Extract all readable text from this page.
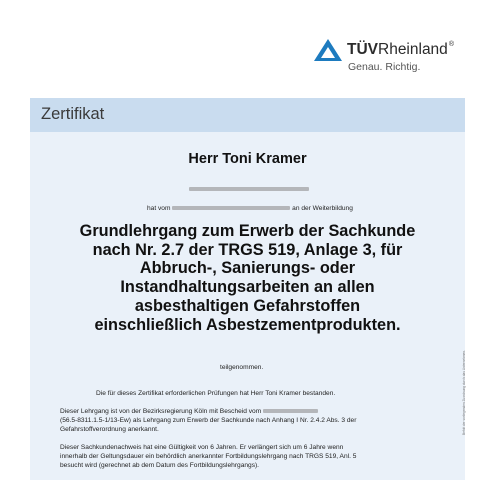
TÜVRheinland®
Genau. Richtig.
Zertifikat
Herr Toni Kramer
hat vom	an der Weiterbildung
Grundlehrgang zum Erwerb der Sachkunde
nach Nr. 2.7 der TRGS 519, Anlage 3, für
Abbruch-, Sanierungs- oder
Instandhaltungsarbeiten an allen
asbesthaltigen Gefahrstoffen
einschließlich Asbestzementprodukten.
teilgenommen.
Die für dieses Zertifikat erforderlichen Prüfungen hat Herr Toni Kramer bestanden.
Dieser Lehrgang ist von der Bezirksregierung Köln mit Bescheid vom
(56.5-8311.1.5-1/13-Ew) als Lehrgang zum Erwerb der Sachkunde nach Anhang I Nr. 2.4.2 Abs. 3 der
Gefahrstoffverordnung anerkannt.
Dieser Sachkundenachweis hat eine Gültigkeit von 6 Jahren. Er verlängert sich um 6 Jahre wenn
innerhalb der Geltungsdauer ein behördlich anerkannter Fortbildungslehrgang nach TRGS 519, Anl. 5
besucht wird (gerechnet ab dem Datum des Fortbildungslehrgangs).
Befolt der vorliegenden Zuordnung durch das Unternehmen.
